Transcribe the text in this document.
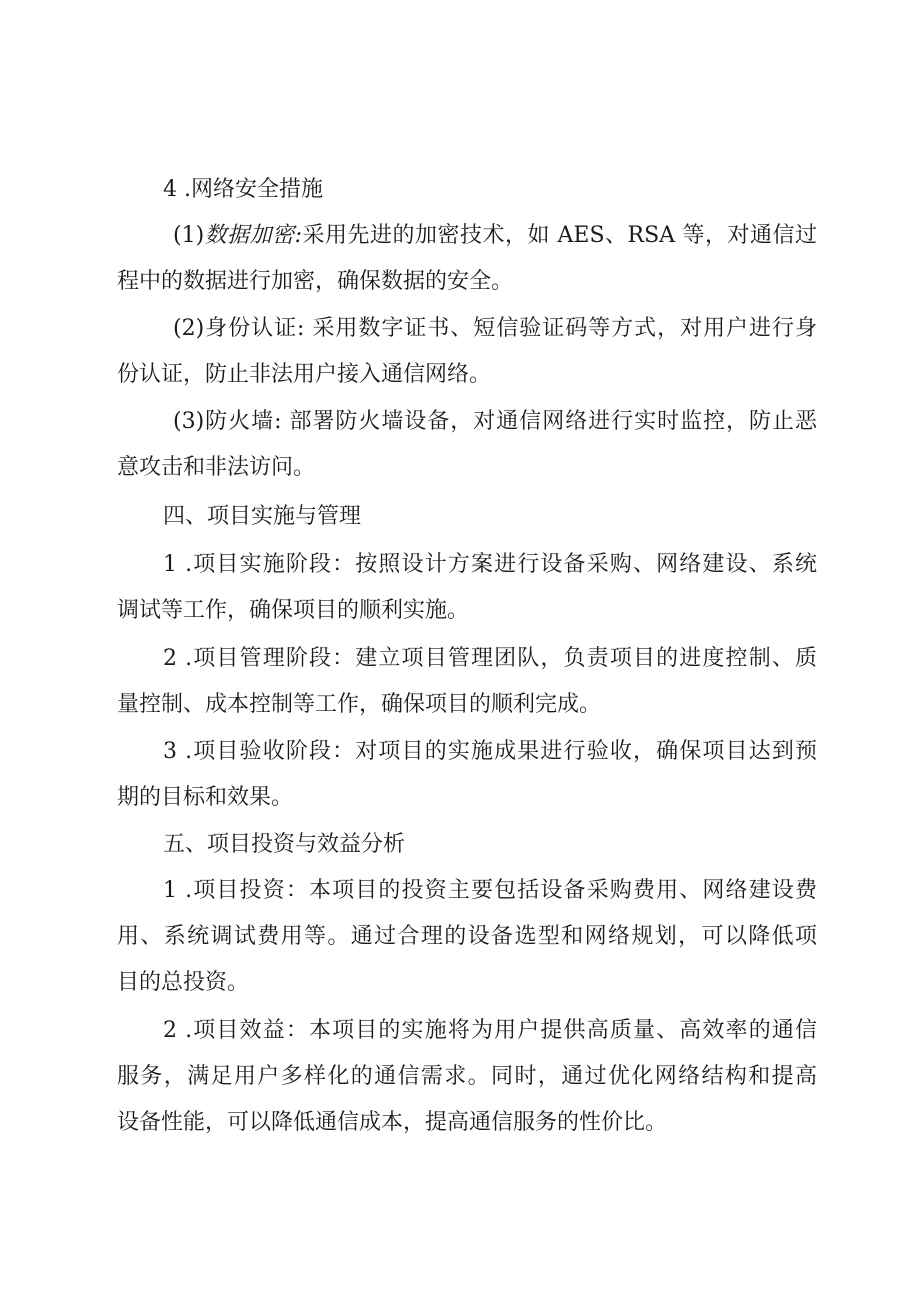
4 .网络安全措施

(1)数据加密:采用先进的加密技术，如 AES、RSA 等，对通信过
程中的数据进行加密，确保数据的安全。

(2)身份认证: 采用数字证书、短信验证码等方式，对用户进行身
份认证，防止非法用户接入通信网络。

(3)防火墙: 部署防火墙设备，对通信网络进行实时监控，防止恶
意攻击和非法访问。

四、项目实施与管理

1 .项目实施阶段：按照设计方案进行设备采购、网络建设、系统
调试等工作，确保项目的顺利实施。

2 .项目管理阶段：建立项目管理团队，负责项目的进度控制、质
量控制、成本控制等工作，确保项目的顺利完成。

3 .项目验收阶段：对项目的实施成果进行验收，确保项目达到预
期的目标和效果。

五、项目投资与效益分析

1 .项目投资：本项目的投资主要包括设备采购费用、网络建设费
用、系统调试费用等。通过合理的设备选型和网络规划，可以降低项
目的总投资。

2 .项目效益：本项目的实施将为用户提供高质量、高效率的通信
服务，满足用户多样化的通信需求。同时，通过优化网络结构和提高
设备性能，可以降低通信成本，提高通信服务的性价比。
